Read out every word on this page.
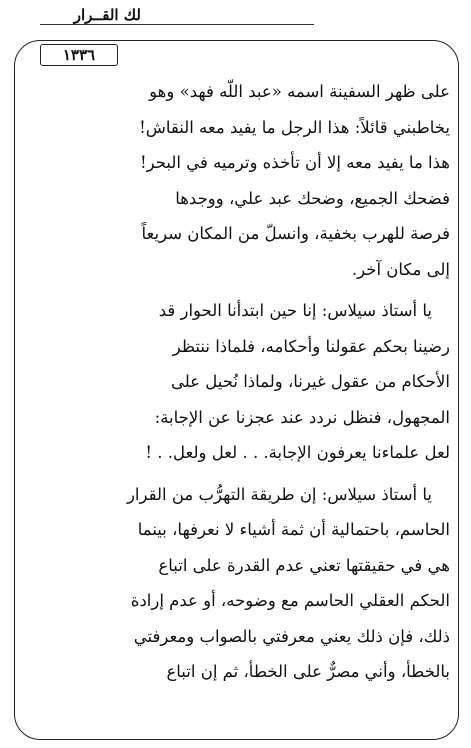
لك القــرار
١٣٣٦
على ظهر السفينة اسمه «عبد اللّه فهد» وهو
يخاطبني قائلاً: هذا الرجل ما يفيد معه النقاش!
هذا ما يفيد معه إلا أن تأخذه وترميه في البحر!
فضحك الجميع، وضحك عبد علي، ووجدها
فرصة للهرب بخفية، وانسلّ من المكان سريعاً
إلى مكان آخر.
يا أستاذ سيلاس: إنا حين ابتدأنا الحوار قد
رضينا بحكم عقولنا وأحكامه، فلماذا ننتظر
الأحكام من عقول غيرنا، ولماذا نُحيل على
المجهول، فنظل نردد عند عجزنا عن الإجابة:
لعل علماءنا يعرفون الإجابة. . . لعل ولعل. . !
يا أستاذ سيلاس: إن طريقة التهرُّب من القرار
الحاسم، باحتمالية أن ثمة أشياء لا نعرفها، بينما
هي في حقيقتها تعني عدم القدرة على اتباع
الحكم العقلي الحاسم مع وضوحه، أو عدم إرادة
ذلك، فإن ذلك يعني معرفتي بالصواب ومعرفتي
بالخطأ، وأني مصرٌّ على الخطأ، ثم إن اتباع
